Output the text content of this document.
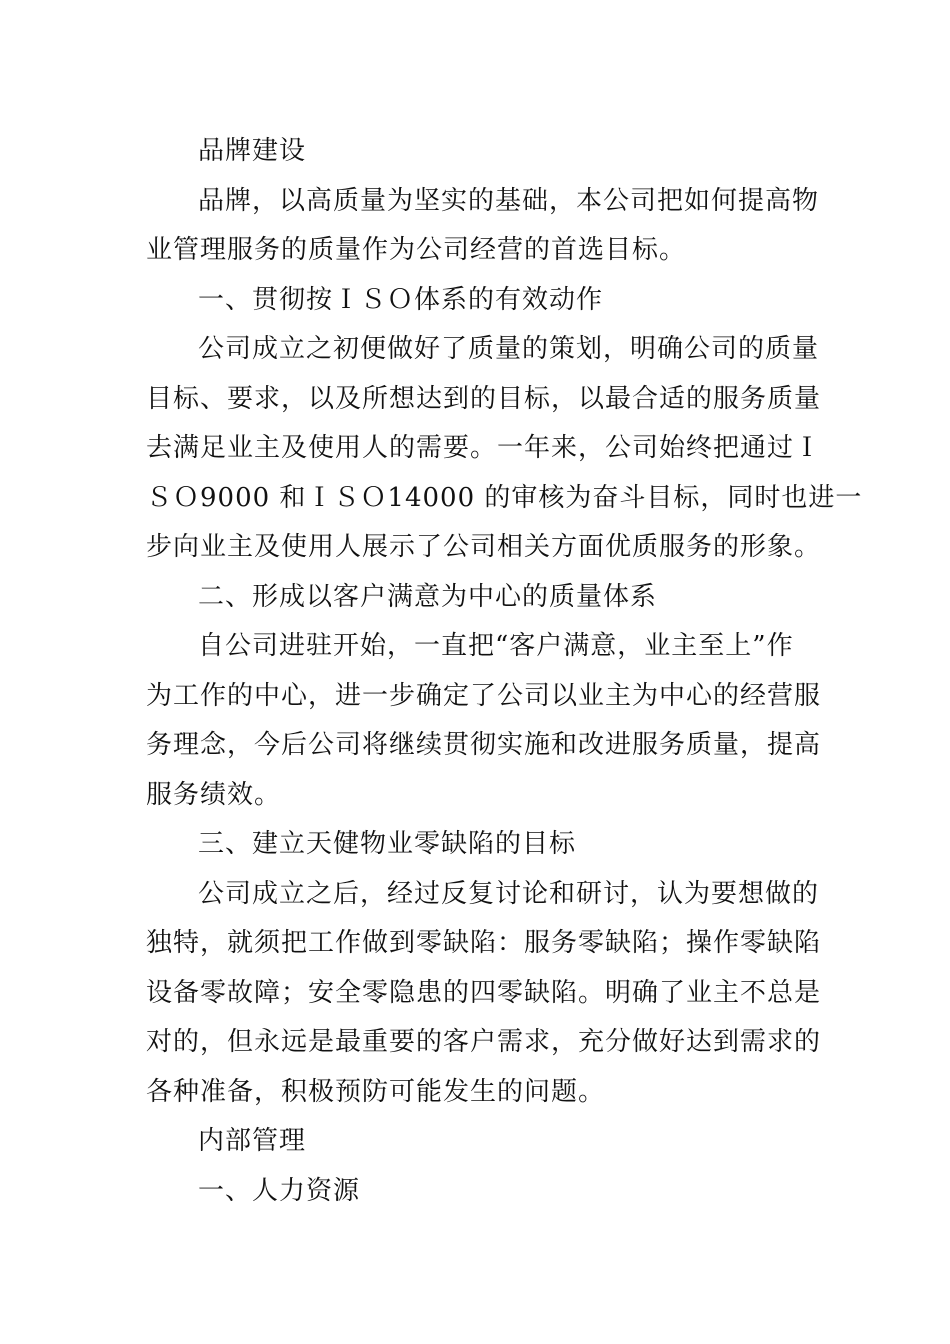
品牌建设
品牌，以高质量为坚实的基础，本公司把如何提高物
业管理服务的质量作为公司经营的首选目标。
一、贯彻按ＩＳＯ体系的有效动作
公司成立之初便做好了质量的策划，明确公司的质量
目标、要求，以及所想达到的目标，以最合适的服务质量
去满足业主及使用人的需要。一年来，公司始终把通过Ｉ
ＳＯ9000 和ＩＳＯ14000 的审核为奋斗目标，同时也进一
步向业主及使用人展示了公司相关方面优质服务的形象。
二、形成以客户满意为中心的质量体系
自公司进驻开始，一直把“客户满意，业主至上”作
为工作的中心，进一步确定了公司以业主为中心的经营服
务理念，今后公司将继续贯彻实施和改进服务质量，提高
服务绩效。
三、建立天健物业零缺陷的目标
公司成立之后，经过反复讨论和研讨，认为要想做的
独特，就须把工作做到零缺陷：服务零缺陷；操作零缺陷
设备零故障；安全零隐患的四零缺陷。明确了业主不总是
对的，但永远是最重要的客户需求，充分做好达到需求的
各种准备，积极预防可能发生的问题。
内部管理
一、人力资源
